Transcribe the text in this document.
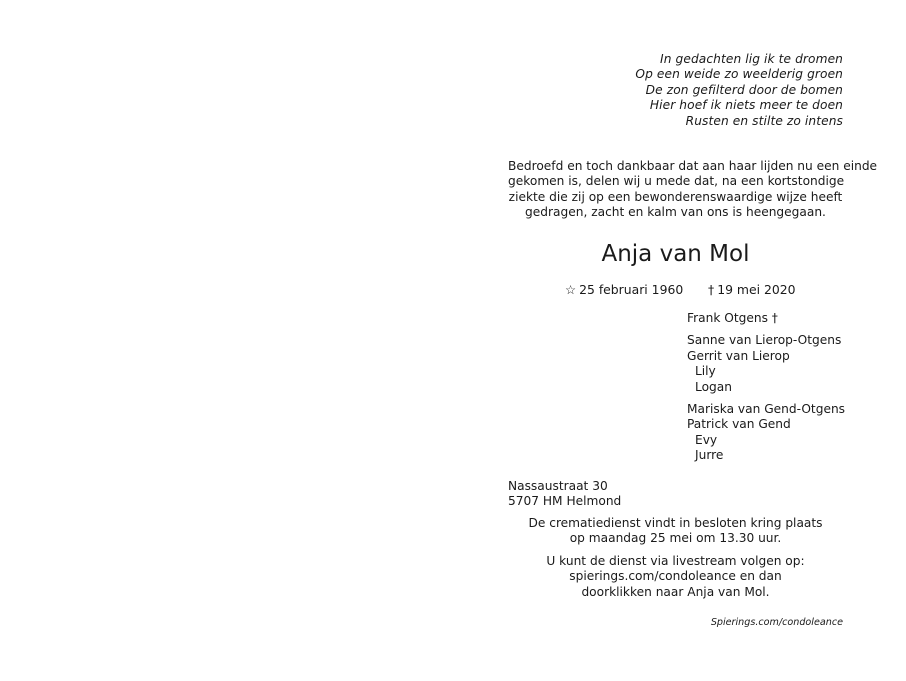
In gedachten lig ik te dromen
Op een weide zo weelderig groen
De zon gefilterd door de bomen
Hier hoef ik niets meer te doen
Rusten en stilte zo intens
Bedroefd en toch dankbaar dat aan haar lijden nu een einde
gekomen is, delen wij u mede dat, na een kortstondige
ziekte die zij op een bewonderenswaardige wijze heeft
gedragen, zacht en kalm van ons is heengegaan.
Anja van Mol
☆ 25 februari 1960 † 19 mei 2020
Frank Otgens †
Sanne van Lierop-Otgens
Gerrit van Lierop
Lily
Logan
Mariska van Gend-Otgens
Patrick van Gend
Evy
Jurre
Nassaustraat 30
5707 HM Helmond
De crematiedienst vindt in besloten kring plaats
op maandag 25 mei om 13.30 uur.
U kunt de dienst via livestream volgen op:
spierings.com/condoleance en dan
doorklikken naar Anja van Mol.
Spierings.com/condoleance
